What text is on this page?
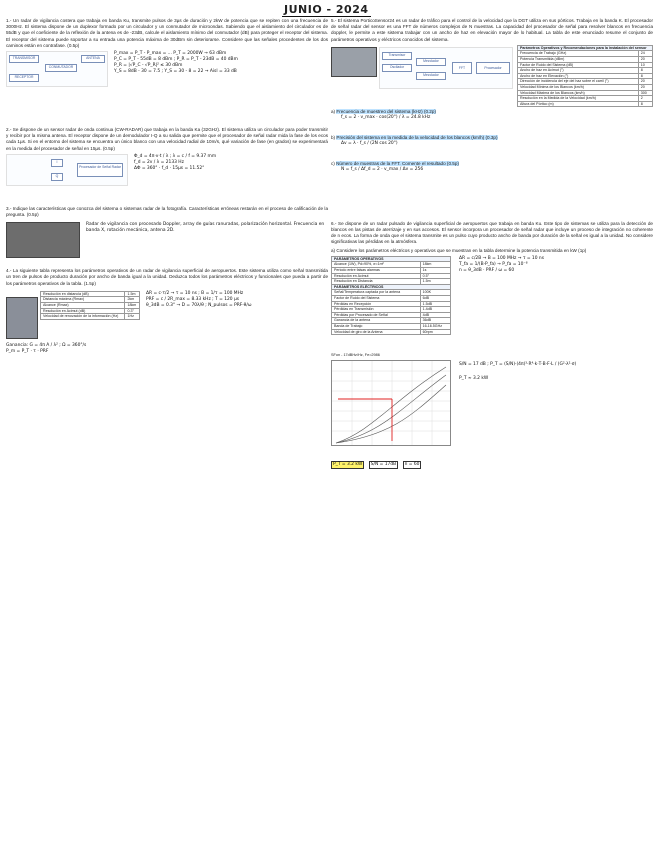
JUNIO - 2024

1.- Un radar de vigilancia costera que trabaja en banda Ku, transmite pulsos de 3µs de duración y 2kW de potencia que se repiten con una frecuencia de 3000Hz. El sistema dispone de un duplexor formado por un circulador y un conmutador de microondas. Sabiendo que el aislamiento del circulador es de 55dB y que el coeficiente de la reflexión de la antena es de -23dB, calcule el aislamiento mínimo del conmutador (dB) para proteger el receptor del sistema. El receptor del sistema puede soportar a su entrada una potencia máxima de 30dBm sin deteriorarse. Considere que las señales procedentes de los dos caminos están en contrafase. (0.5p)

TRANSMISOR
RECEPTOR
CONMUTADOR
ANTENA
P_max = P_T - P_max = ... P_T = 2000W → 63 dBm
P_C = P_T - 55dB = 8 dBm ; P_R = P_T - 23dB = 40 dBm
P_R = |√P_C - √P_R|² ≤ 30 dBm
Y_S = 8dB - 30 = 7.5 ; Y_S = 30 - 8 = 22 → Aisl = 33 dB

2.- Se dispone de un sensor radar de onda continua (CW-RADAR) que trabaja en la banda Ka (32GHz). El sistema utiliza un circulador para poder transmitir y recibir por la misma antena. El receptor dispone de un demodulador I-Q a su salida que permite que el procesador de señal radar mida la fase de los ecos cada 1µs. Si en el entorno del sistema se encuentra un único blanco con una velocidad radial de 10m/s, qué variación de fase (en grados) se experimentará en la medida del procesador de señal en 15µs. (0.5p)

Procesador de Señal Radar
I
Q
Φ_d = 4π·v·t / λ ; λ = c / f = 9.37 mm
f_d = 2v / λ = 2133 Hz
ΔΦ = 360° · f_d · 15µs = 11.52°

3.- Indique las características que conozca del sistema o sistemas radar de la fotografía. Características erróneas restarán en el proceso de calificación de la pregunta. (0.5p)

Radar de vigilancia con procesado Doppler, array de guías ranuradas, polarización horizontal. Frecuencia en banda X, rotación mecánica, antena 2D.

4.- La siguiente tabla representa los parámetros operativos de un radar de vigilancia superficial de aeropuertos. Este sistema utiliza como señal transmitida un tren de pulsos de producto duración por ancho de banda igual a la unidad. Deduzca todos los parámetros eléctricos y funcionales que pueda a partir de los parámetros operativos de la tabla. (1.5p)

Resolución en distancia (dB)	1.5m
Distancia máxima (Rmax)	2km
Alcance (Rmax)	18km
Resolución en Acimut (dB)	0.3°
Velocidad de renovación de la información (Hz)	1Hz
ΔR = c·τ/2 → τ = 10 ns ; B = 1/τ = 100 MHz
PRF = c / 2R_max = 8.33 kHz ; T = 120 µs
θ_3dB = 0.3° → D = 70λ/θ ; N_pulsos = PRF·θ/ω
Ganancia: G = 4π A / λ² ; Ω = 360°/s
P_m = P_T · τ · PRF

5.- El sistema PorticoSensor24 es un radar de tráfico para el control de la velocidad que la DGT utiliza en sus pórticos. Trabaja en la banda K. El procesador de señal radar del sensor es una FFT de números complejos de N muestras. La capacidad del procesador de señal para resolver blancos en frecuencia doppler, le permite a este sistema trabajar con un ancho de haz en elevación mayor de lo habitual. La tabla de este enunciado resume el conjunto de parámetros operativos y eléctricos conocidos del sistema.

Transmisor
Oscilador
Mezclador
Mezclador
FFT	Procesador
Parámetros Operativos y Recomendaciones para la instalación del sensor	
Frecuencia de Trabajo (GHz)	24
Potencia Transmitida (dBm)	20
Factor de Ruido del Sistema (dB)	10
Ancho de haz en Acimut (°)	8
Ancho de haz en Elevación (°)	8
Dirección de incidencia del eje del haz sobre el carril (°)	20
Velocidad Mínima de los Blancos (km/h)	20
Velocidad Máxima de los Blancos (km/h)	300
Resolución en la Medida de la Velocidad (km/h)	2
Altura del Pórtico (m)	8
a) Frecuencia de muestreo del sistema (kHz) (0.2p)
f_s = 2 · v_max · cos(20°) / λ = 24.8 kHz
b) Precisión del sistema en la medida de la velocidad de los blancos (km/h) (0.3p)
Δv = λ · f_s / (2N cos 20°)
c) Número de muestras de la FFT. Comente el resultado (0.5p)
N = f_s / Δf_d = 2 · v_max / Δv = 256

6.- Se dispone de un radar pulsado de vigilancia superficial de aeropuertos que trabaja en banda Ku. Este tipo de sistemas se utiliza para la detección de blancos en las pistas de aterrizaje y en sus accesos. El sensor incorpora un procesador de señal radar que incluye un proceso de integración no coherente de n ecos. La forma de onda que el sistema transmite es un pulso cuyo producto ancho de banda por duración de la señal es igual a la unidad. No considere significativas las pérdidas en la atmósfera.

a) Considere los parámetros eléctricos y operativos que se muestran en la tabla determine la potencia transmitida en kW (1p)

PARÁMETROS OPERATIVOS	
Alcance (1W), Pd=90%, σ=1m²	18km
Periodo entre falsas alarmas	1s
Resolución en Acimut	0.5°
Resolución en Distancia	1.5m
PARÁMETROS ELÉCTRICOS	
Señal/Temperatura captada por la antena	100K
Factor de Ruido del Sistema	6dB
Pérdidas en Recepción	1.5dB
Pérdidas en Transmisión	1.4dB
Pérdidas por Procesado de Señal	4dB
Ganancia de la antena	36dB
Banda de Trabajo	16-16.5GHz
Velocidad de giro de la Antena	60rpm
ΔR = c/2B → B = 100 MHz → τ = 10 ns
T_fa = 1/(B·P_fa) → P_fa = 10⁻⁸
n = θ_3dB · PRF / ω = 60
SFon - 17dBHz/Hz, Fe=2986
S/N = 17 dB ; P_T = (S/N)·(4π)³·R⁴·k·T·B·F·L / (G²·λ²·σ)
P_T ≈ 3.2 kW
P_T = 3.2 kW S/N = 17dB n = 60
